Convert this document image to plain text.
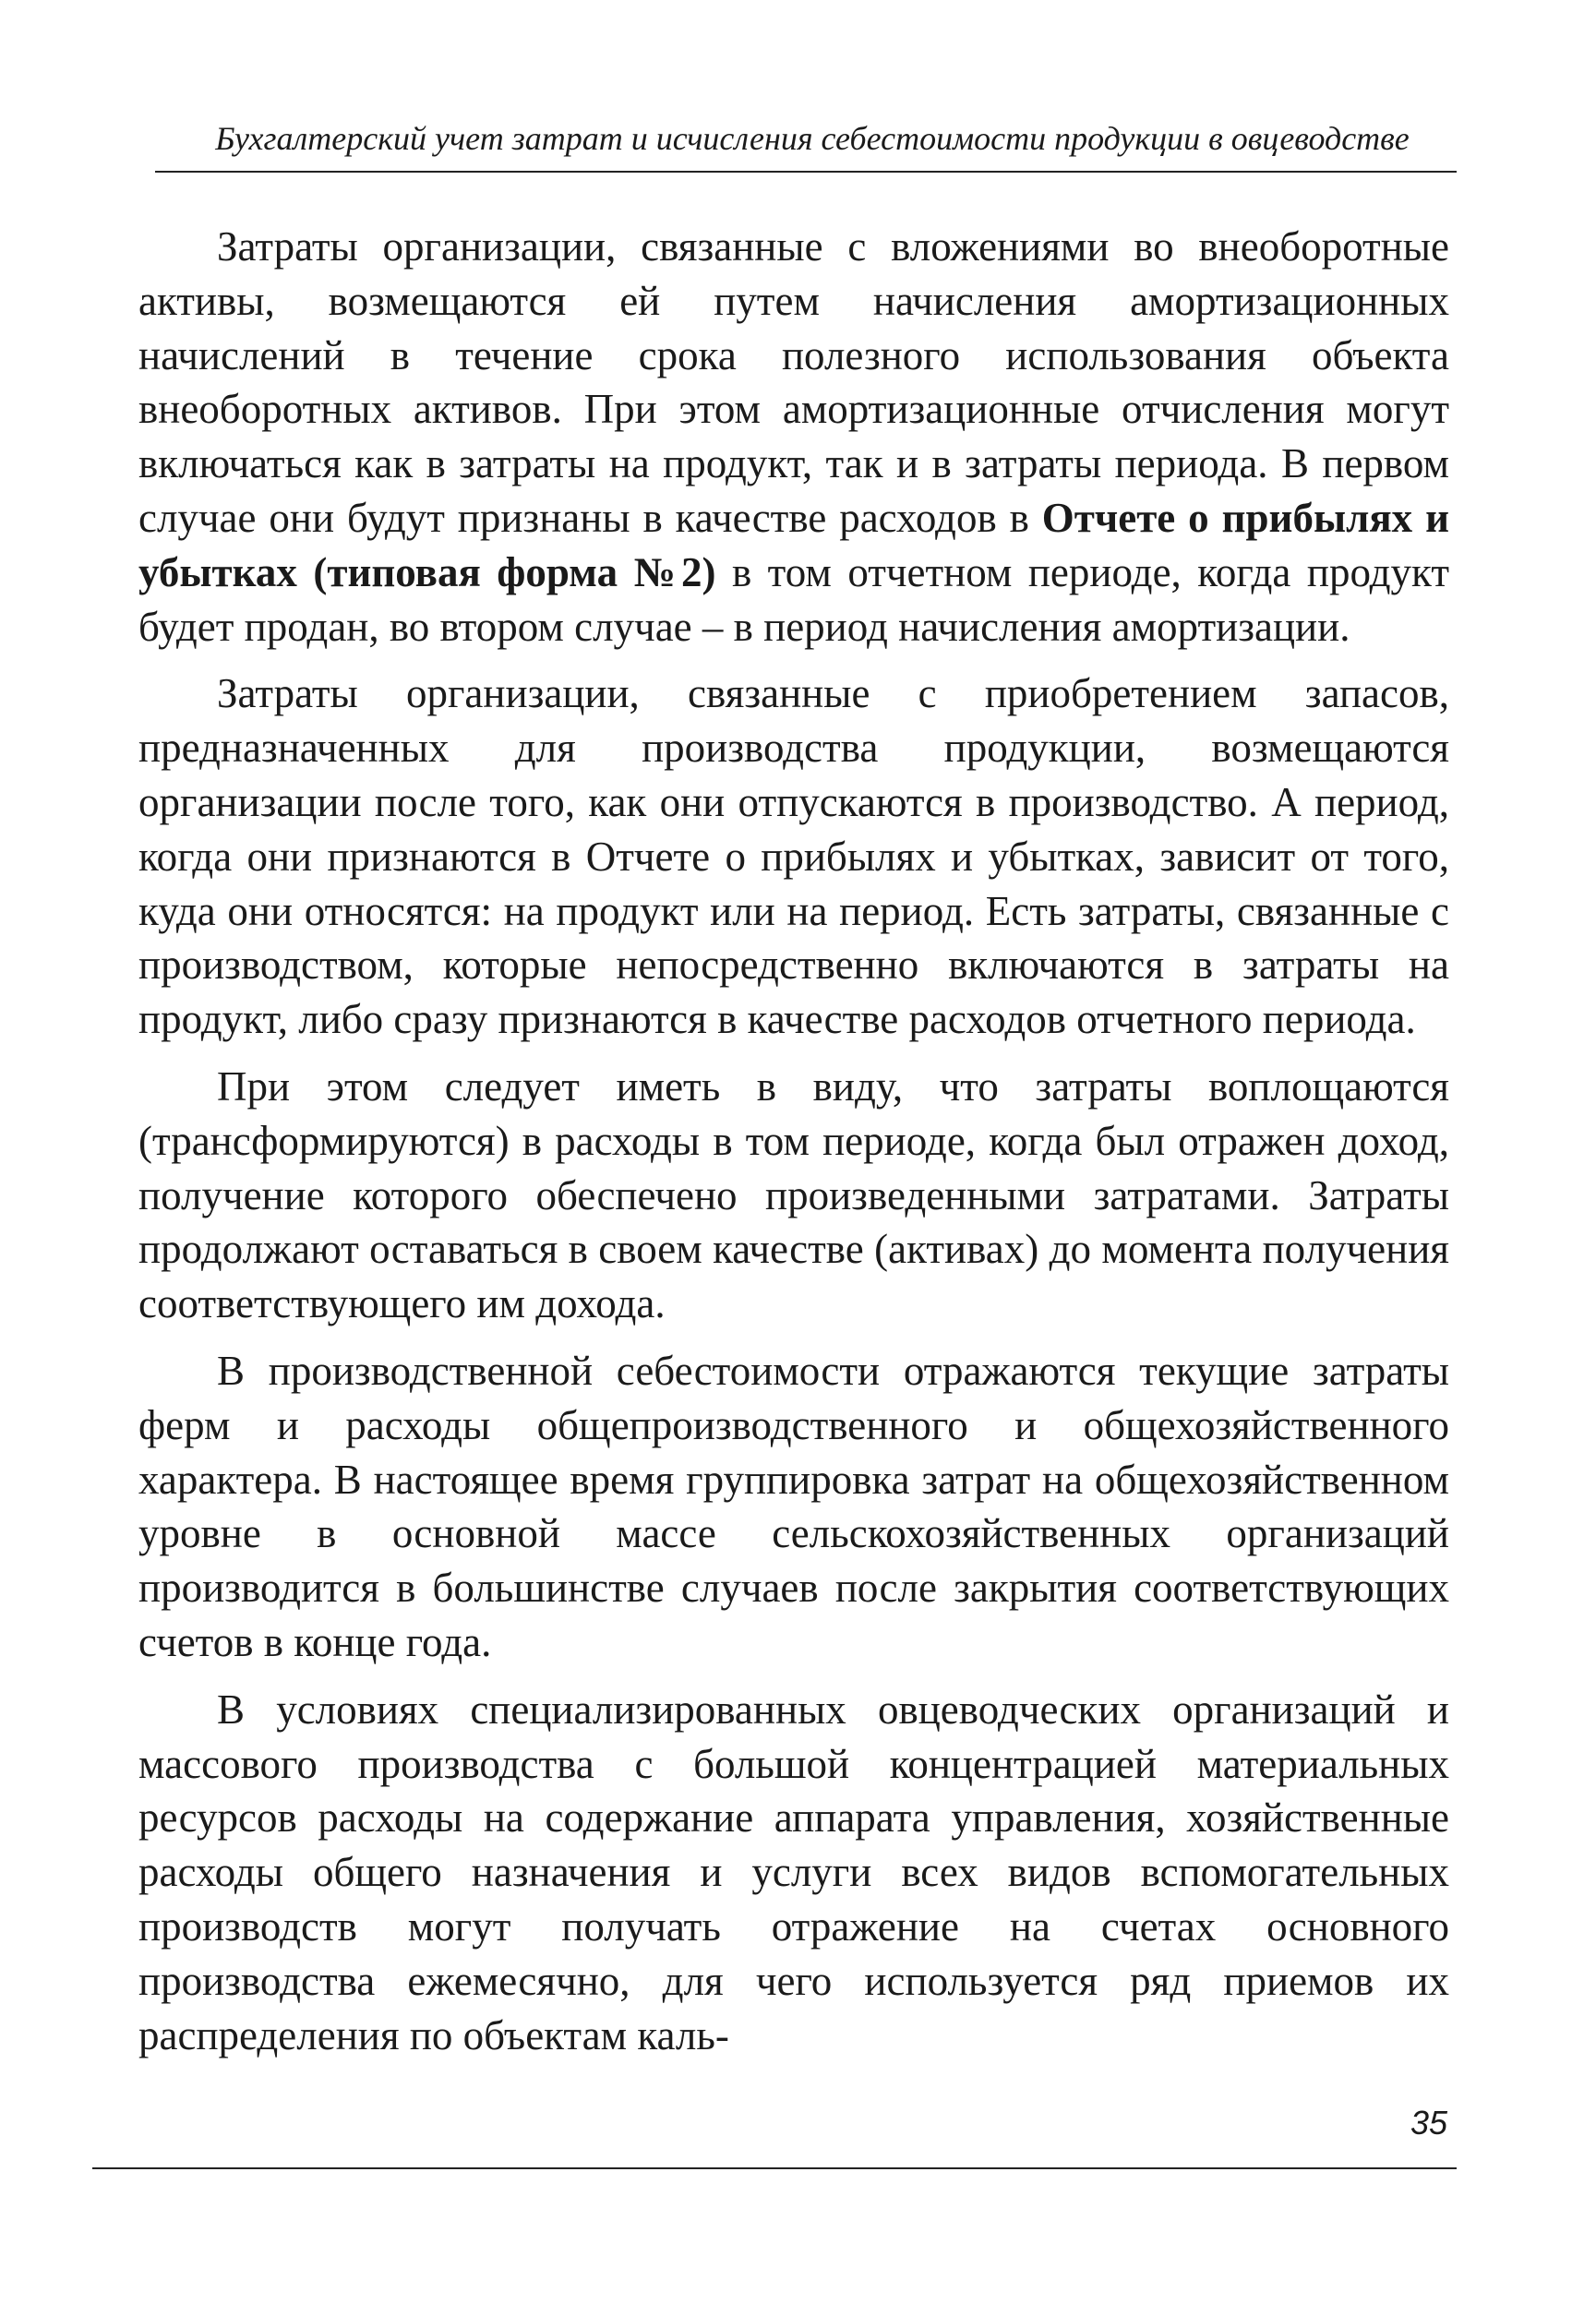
Бухгалтерский учет затрат и исчисления себестоимости продукции в овцеводстве

Затраты организации, связанные с вложениями во внеоборотные активы, возмещаются ей путем начисления амортизационных начислений в течение срока полезного использования объекта внеоборотных активов. При этом амортизационные отчисления могут включаться как в затраты на продукт, так и в затраты периода. В первом случае они будут признаны в качестве расходов в Отчете о прибылях и убытках (типовая форма №2) в том отчетном периоде, когда продукт будет продан, во втором случае – в период начисления амортизации.

Затраты организации, связанные с приобретением запасов, предназначенных для производства продукции, возмещаются организации после того, как они отпускаются в производство. А период, когда они признаются в Отчете о прибылях и убытках, зависит от того, куда они относятся: на продукт или на период. Есть затраты, связанные с производством, которые непосредственно включаются в затраты на продукт, либо сразу признаются в качестве расходов отчетного периода.

При этом следует иметь в виду, что затраты воплощаются (трансформируются) в расходы в том периоде, когда был отражен доход, получение которого обеспечено произведенными затратами. Затраты продолжают оставаться в своем качестве (активах) до момента получения соответствующего им дохода.

В производственной себестоимости отражаются текущие затраты ферм и расходы общепроизводственного и общехозяйственного характера. В настоящее время группировка затрат на общехозяйственном уровне в основной массе сельскохозяйственных организаций производится в большинстве случаев после закрытия соответствующих счетов в конце года.

В условиях специализированных овцеводческих организаций и массового производства с большой концентрацией материальных ресурсов расходы на содержание аппарата управления, хозяйственные расходы общего назначения и услуги всех видов вспомогательных производств могут получать отражение на счетах основного производства ежемесячно, для чего используется ряд приемов их распределения по объектам каль-

35
